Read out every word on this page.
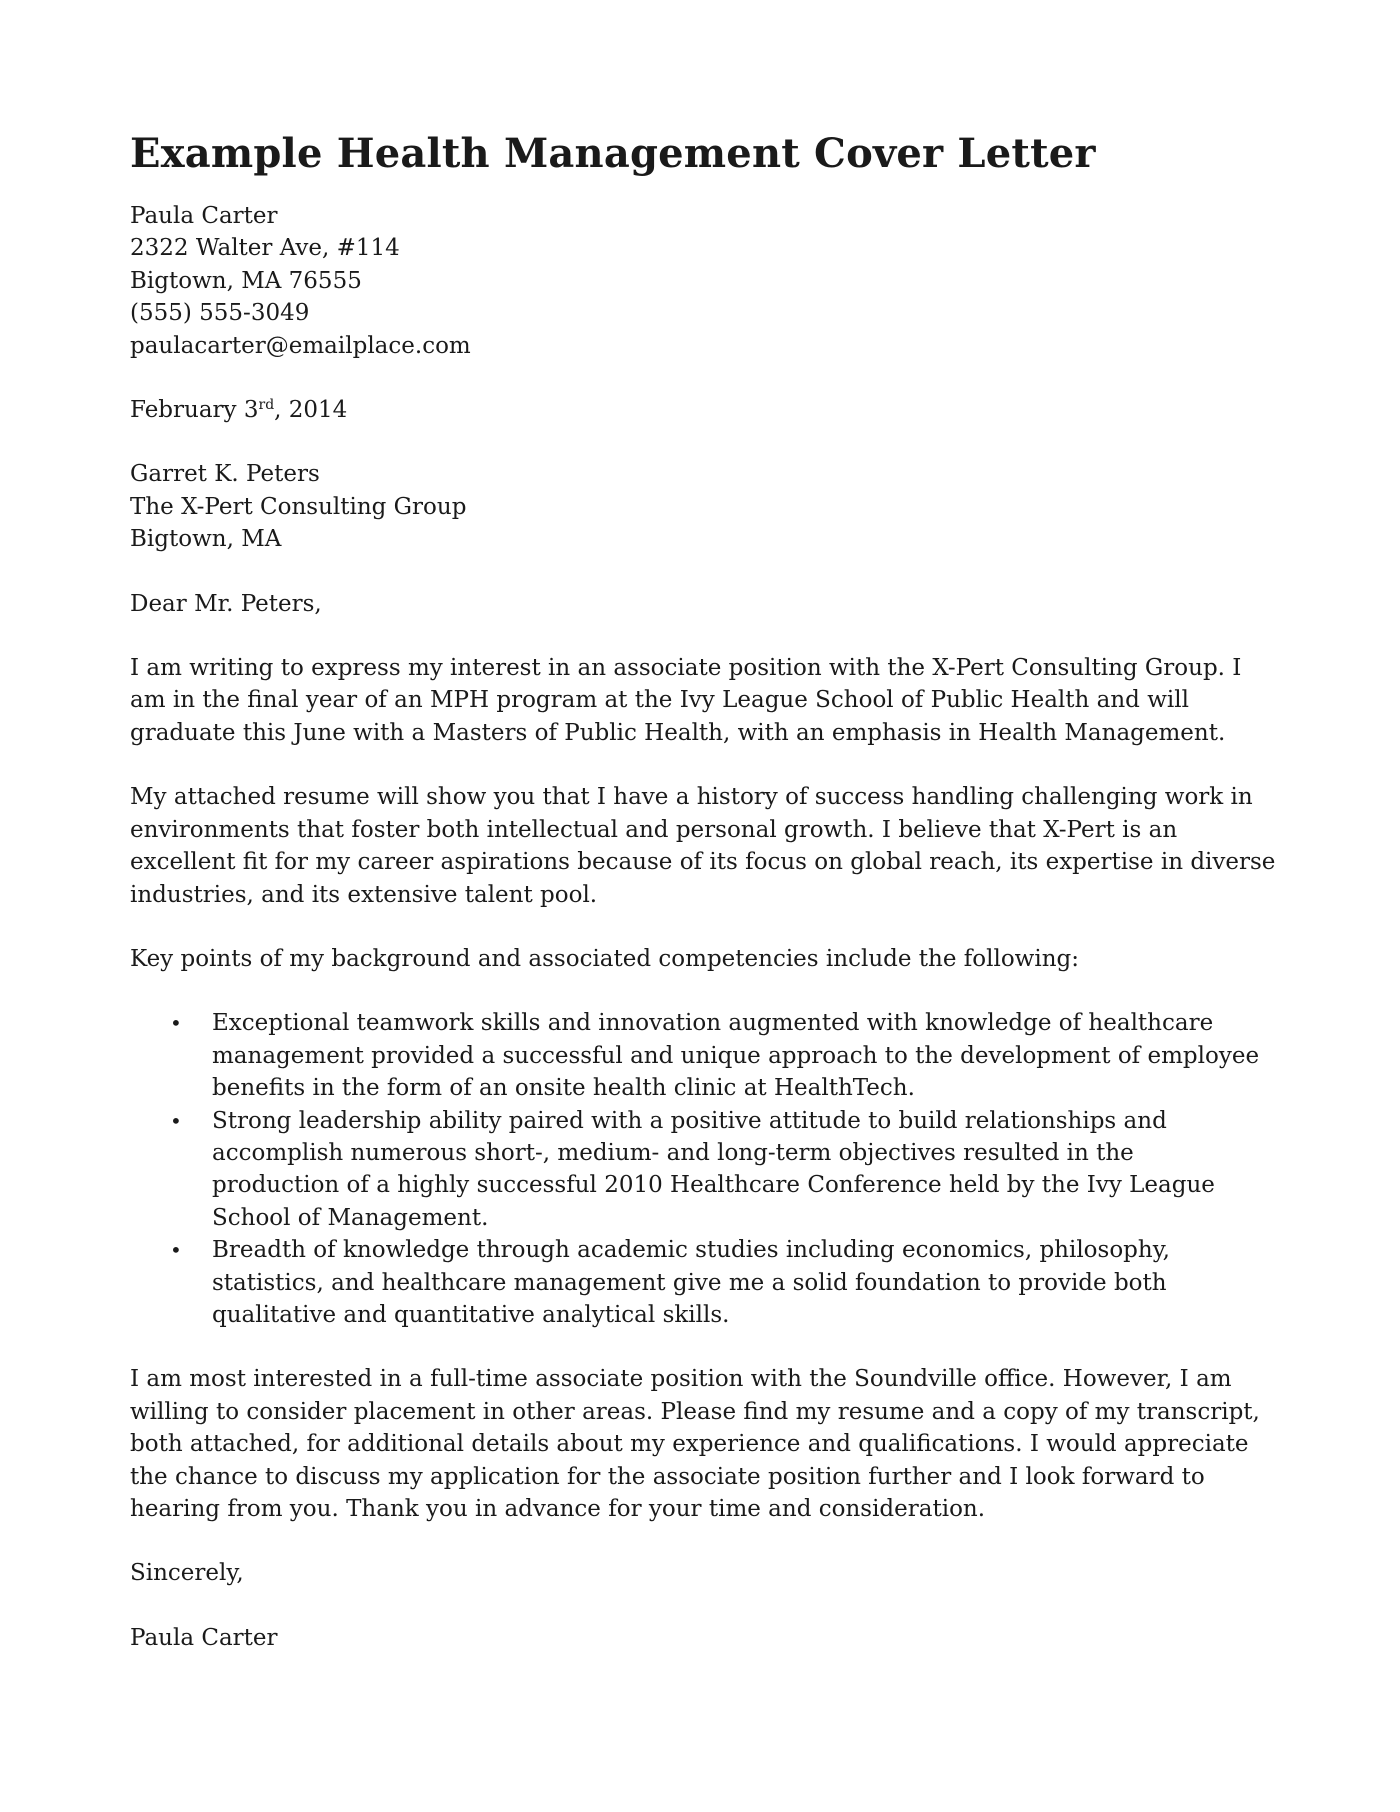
Example Health Management Cover Letter
Paula Carter
2322 Walter Ave, #114
Bigtown, MA 76555
(555) 555-3049
paulacarter@emailplace.com
February 3rd, 2014
Garret K. Peters
The X-Pert Consulting Group
Bigtown, MA
Dear Mr. Peters,
I am writing to express my interest in an associate position with the X-Pert Consulting Group. I
am in the final year of an MPH program at the Ivy League School of Public Health and will
graduate this June with a Masters of Public Health, with an emphasis in Health Management.
My attached resume will show you that I have a history of success handling challenging work in
environments that foster both intellectual and personal growth. I believe that X-Pert is an
excellent fit for my career aspirations because of its focus on global reach, its expertise in diverse
industries, and its extensive talent pool.
Key points of my background and associated competencies include the following:
• Exceptional teamwork skills and innovation augmented with knowledge of healthcare
management provided a successful and unique approach to the development of employee
benefits in the form of an onsite health clinic at HealthTech.
• Strong leadership ability paired with a positive attitude to build relationships and
accomplish numerous short-, medium- and long-term objectives resulted in the
production of a highly successful 2010 Healthcare Conference held by the Ivy League
School of Management.
• Breadth of knowledge through academic studies including economics, philosophy,
statistics, and healthcare management give me a solid foundation to provide both
qualitative and quantitative analytical skills.
I am most interested in a full-time associate position with the Soundville office. However, I am
willing to consider placement in other areas. Please find my resume and a copy of my transcript,
both attached, for additional details about my experience and qualifications. I would appreciate
the chance to discuss my application for the associate position further and I look forward to
hearing from you. Thank you in advance for your time and consideration.
Sincerely,
Paula Carter
